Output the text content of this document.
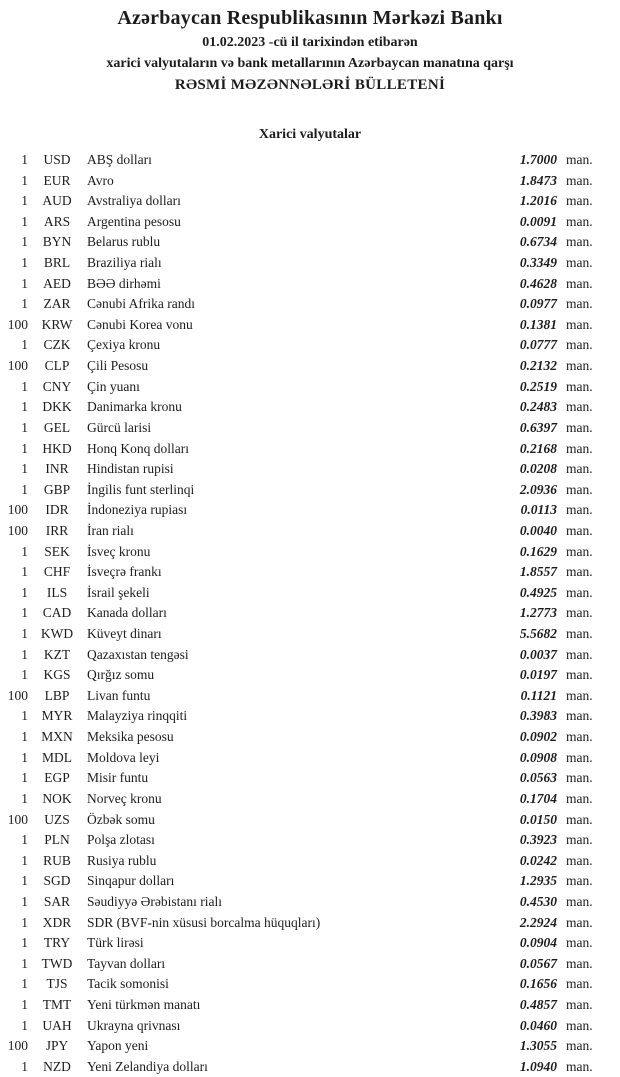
Azərbaycan Respublikasının Mərkəzi Bankı
01.02.2023 -cü il tarixindən etibarən
xarici valyutaların və bank metallarının Azərbaycan manatına qarşı
RƏSMİ MƏZƏNNƏLƏRİ BÜLLETENİ
Xarici valyutalar
1	USD	ABŞ dolları	1.7000 man.
1	EUR	Avro	1.8473 man.
1	AUD	Avstraliya dolları	1.2016 man.
1	ARS	Argentina pesosu	0.0091 man.
1	BYN	Belarus rublu	0.6734 man.
1	BRL	Braziliya rialı	0.3349 man.
1	AED	BƏƏ dirhəmi	0.4628 man.
1	ZAR	Cənubi Afrika randı	0.0977 man.
100	KRW	Cənubi Korea vonu	0.1381 man.
1	CZK	Çexiya kronu	0.0777 man.
100	CLP	Çili Pesosu	0.2132 man.
1	CNY	Çin yuanı	0.2519 man.
1	DKK	Danimarka kronu	0.2483 man.
1	GEL	Gürcü larisi	0.6397 man.
1	HKD	Honq Konq dolları	0.2168 man.
1	INR	Hindistan rupisi	0.0208 man.
1	GBP	İngilis funt sterlinqi	2.0936 man.
100	IDR	İndoneziya rupiası	0.0113 man.
100	IRR	İran rialı	0.0040 man.
1	SEK	İsveç kronu	0.1629 man.
1	CHF	İsveçrə frankı	1.8557 man.
1	ILS	İsrail şekeli	0.4925 man.
1	CAD	Kanada dolları	1.2773 man.
1 KWD	Küveyt dinarı	5.5682 man.
1	KZT	Qazaxıstan tengəsi	0.0037 man.
1	KGS	Qırğız somu	0.0197 man.
100	LBP	Livan funtu	0.1121 man.
1	MYR	Malayziya rinqqiti	0.3983 man.
1 MXN	Meksika pesosu	0.0902 man.
1	MDL	Moldova leyi	0.0908 man.
1	EGP	Misir funtu	0.0563 man.
1	NOK	Norveç kronu	0.1704 man.
100	UZS	Özbək somu	0.0150 man.
1	PLN	Polşa zlotası	0.3923 man.
1	RUB	Rusiya rublu	0.0242 man.
1	SGD	Sinqapur dolları	1.2935 man.
1	SAR	Səudiyyə Ərəbistanı rialı	0.4530 man.
1	XDR	SDR (BVF-nin xüsusi borcalma hüquqları)	2.2924 man.
1	TRY	Türk lirəsi	0.0904 man.
1	TWD	Tayvan dolları	0.0567 man.
1	TJS	Tacik somonisi	0.1656 man.
1	TMT	Yeni türkmən manatı	0.4857 man.
1	UAH	Ukrayna qrivnası	0.0460 man.
100	JPY	Yapon yeni	1.3055 man.
1	NZD	Yeni Zelandiya dolları	1.0940 man.
